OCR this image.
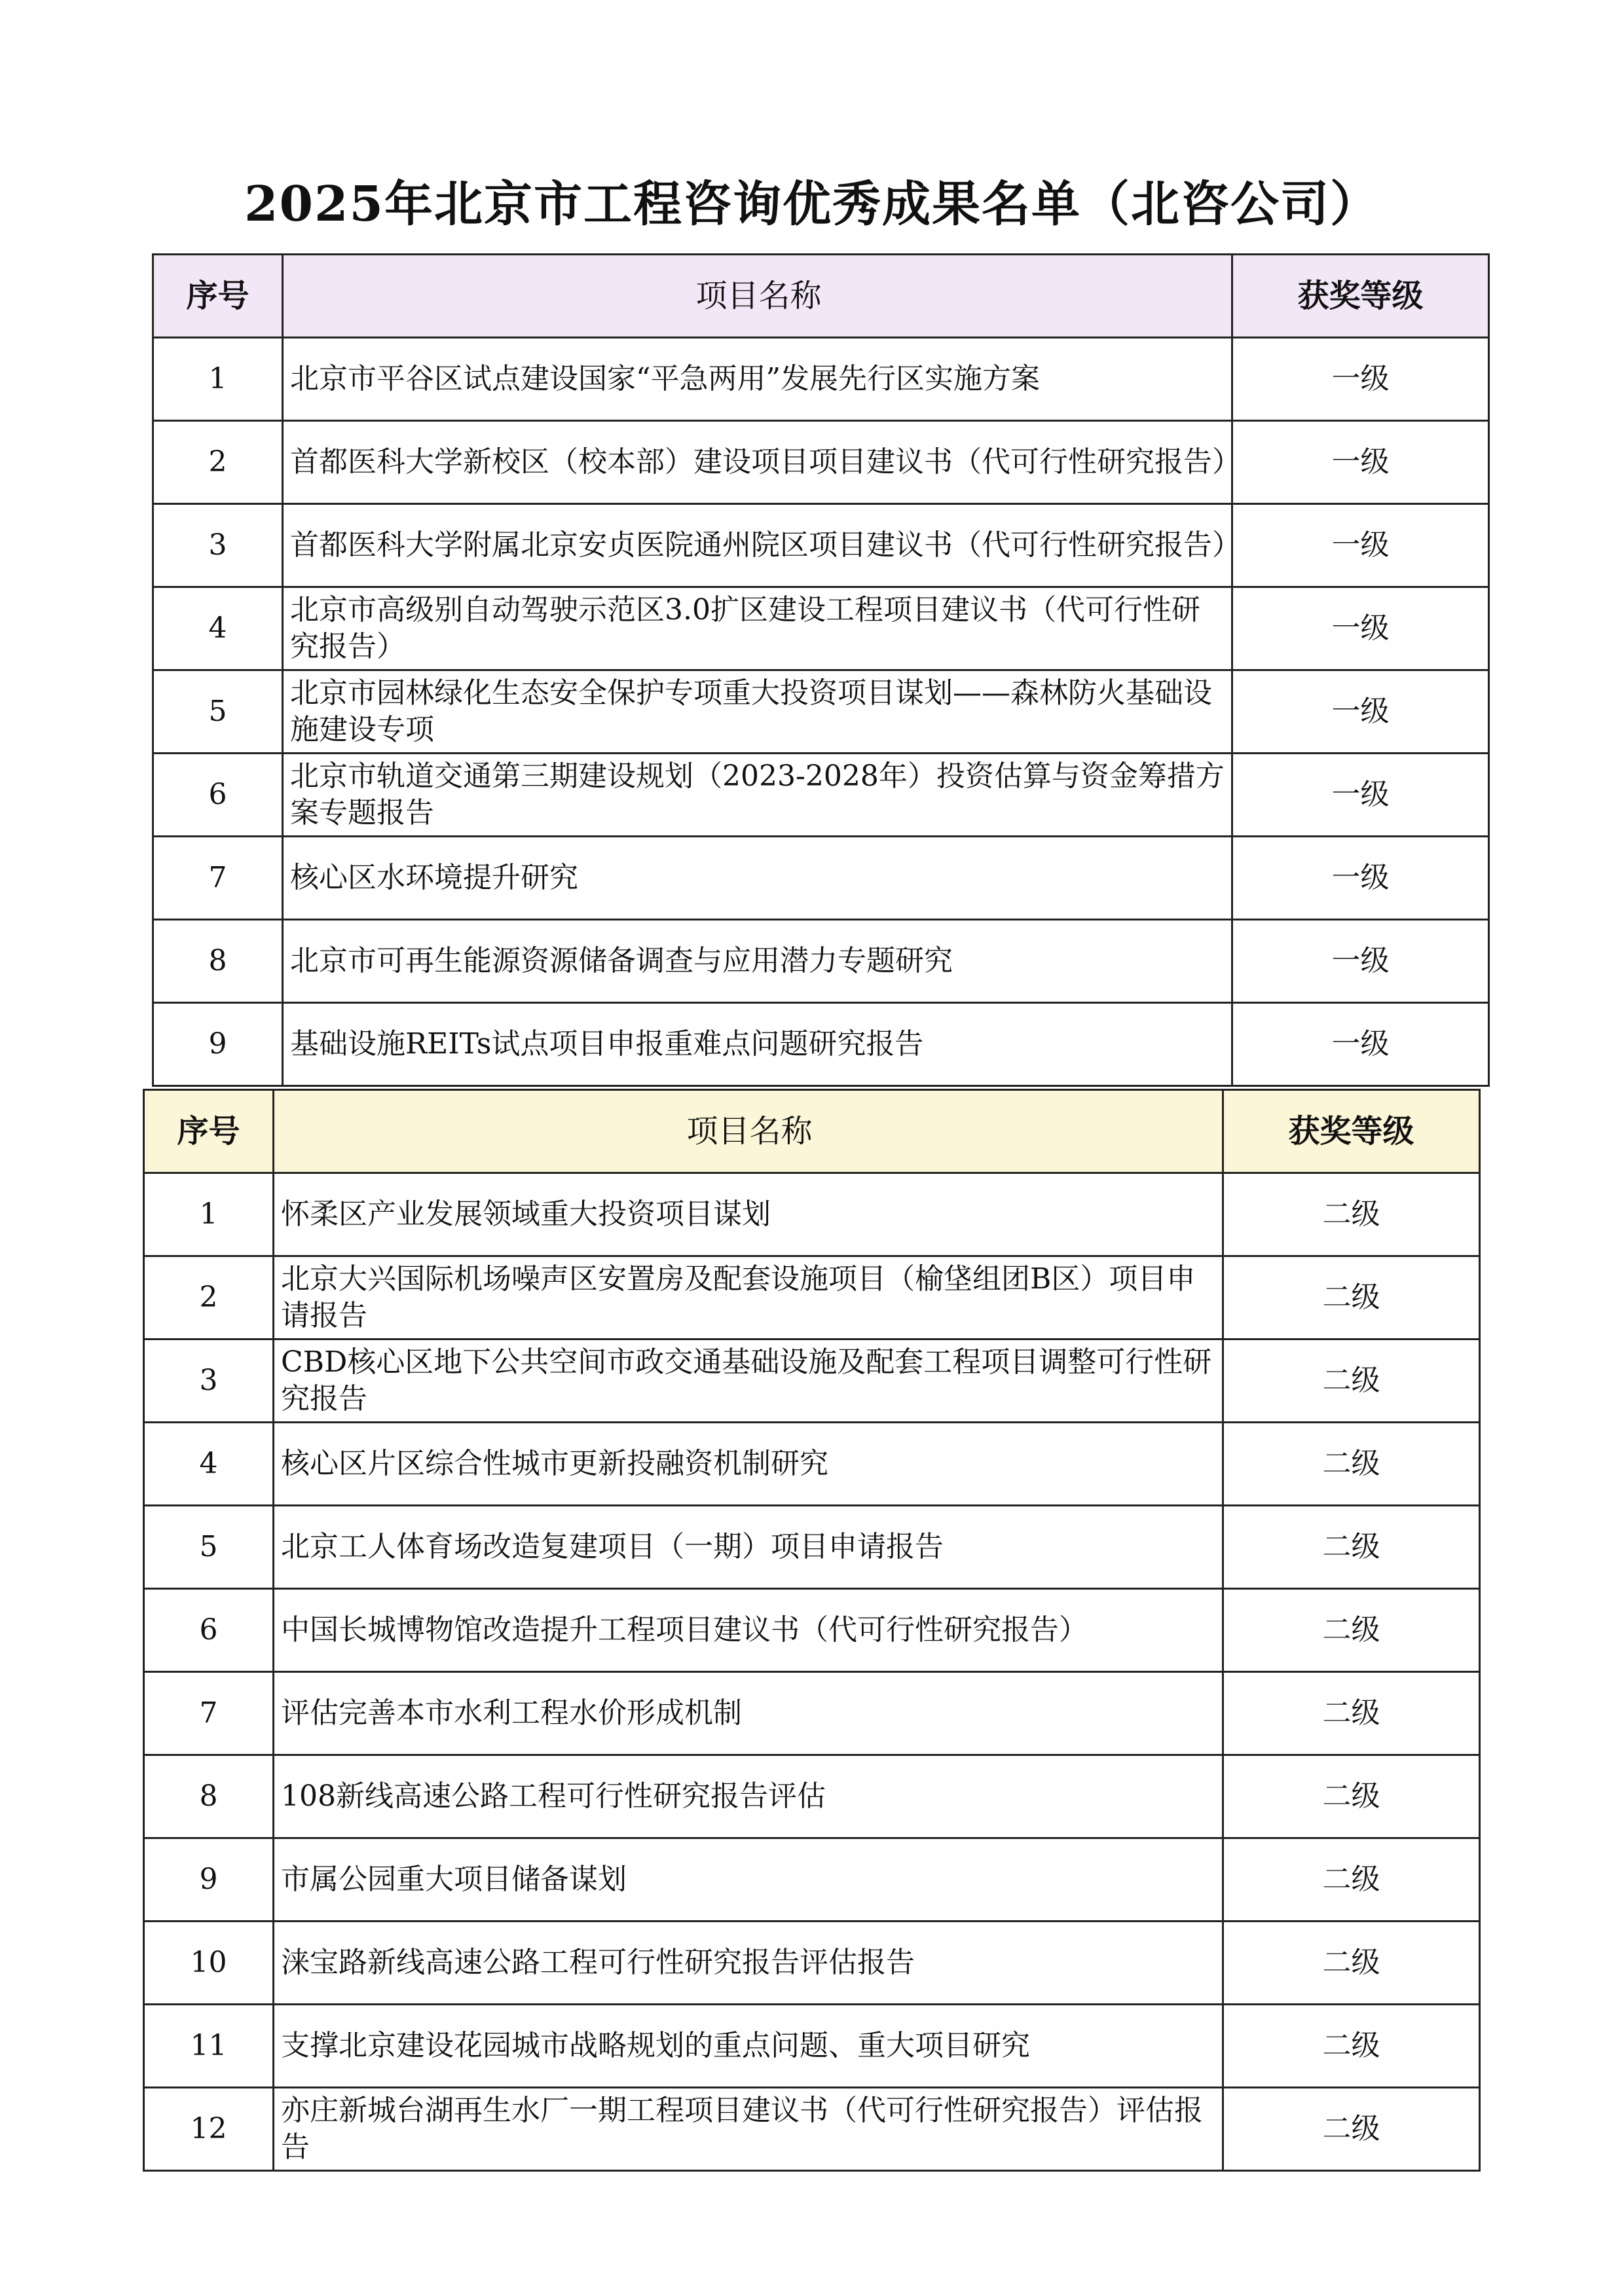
2025年北京市工程咨询优秀成果名单（北咨公司）
序号	项目名称	获奖等级
1	北京市平谷区试点建设国家“平急两用”发展先行区实施方案	一级
2	首都医科大学新校区（校本部）建设项目项目建议书（代可行性研究报告）	一级
3	首都医科大学附属北京安贞医院通州院区项目建议书（代可行性研究报告）	一级
4	北京市高级别自动驾驶示范区3.0扩区建设工程项目建议书（代可行性研究报告）	一级
5	北京市园林绿化生态安全保护专项重大投资项目谋划——森林防火基础设施建设专项	一级
6	北京市轨道交通第三期建设规划（2023-2028年）投资估算与资金筹措方案专题报告	一级
7	核心区水环境提升研究	一级
8	北京市可再生能源资源储备调查与应用潜力专题研究	一级
9	基础设施REITs试点项目申报重难点问题研究报告	一级
序号	项目名称	获奖等级
1	怀柔区产业发展领域重大投资项目谋划	二级
2	北京大兴国际机场噪声区安置房及配套设施项目（榆垡组团B区）项目申请报告	二级
3	CBD核心区地下公共空间市政交通基础设施及配套工程项目调整可行性研究报告	二级
4	核心区片区综合性城市更新投融资机制研究	二级
5	北京工人体育场改造复建项目（一期）项目申请报告	二级
6	中国长城博物馆改造提升工程项目建议书（代可行性研究报告）	二级
7	评估完善本市水利工程水价形成机制	二级
8	108新线高速公路工程可行性研究报告评估	二级
9	市属公园重大项目储备谋划	二级
10	涞宝路新线高速公路工程可行性研究报告评估报告	二级
11	支撑北京建设花园城市战略规划的重点问题、重大项目研究	二级
12	亦庄新城台湖再生水厂一期工程项目建议书（代可行性研究报告）评估报告	二级
